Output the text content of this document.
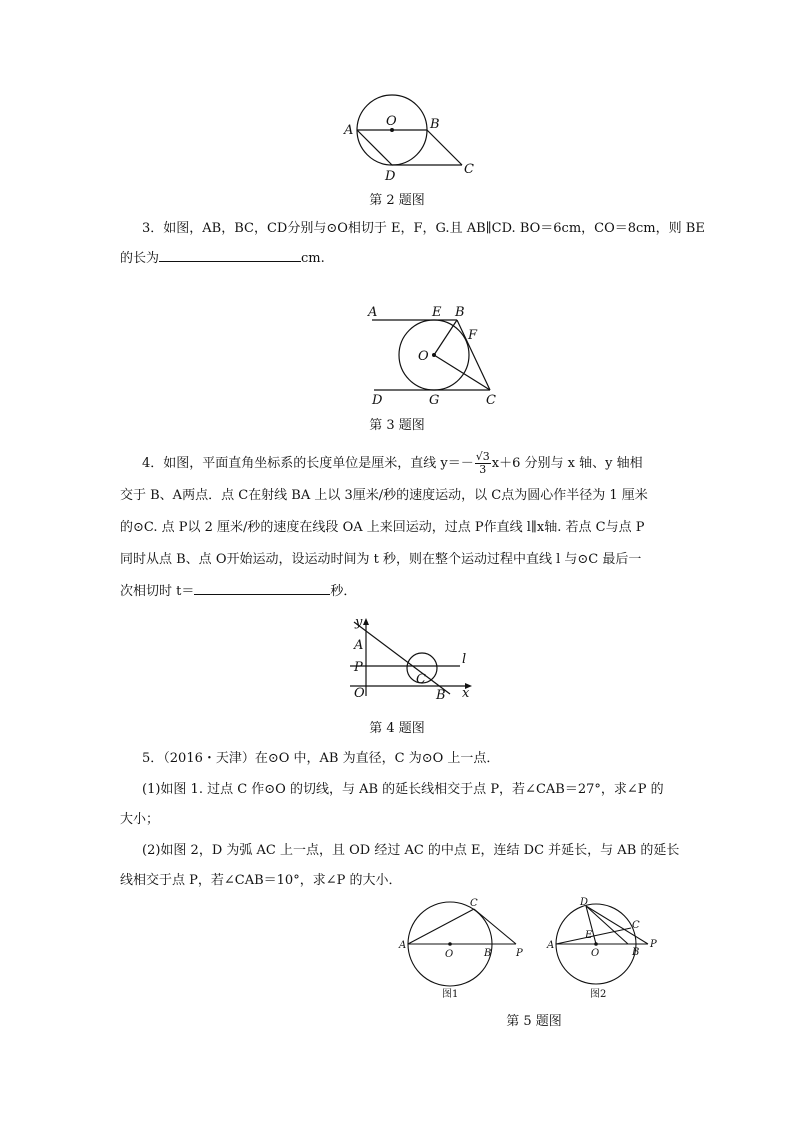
A
O	B
C
D
第 2 题图
3．如图，AB，BC，CD分别与⊙O相切于 E，F，G.且 AB∥CD. BO＝6cm，CO＝8cm，则 BE
的长为	cm.
A	E B
F
O
D	G	C
第 3 题图
4．如图，平面直角坐标系的长度单位是厘米，直线 $y=- \frac{√3}{3} x+6$ 分别与 x 轴、y 轴相
交于 B、A两点．点 C在射线 BA 上以 3厘米/秒的速度运动，以 C点为圆心作半径为 1 厘米
的⊙C. 点 P以 2 厘米/秒的速度在线段 OA 上来回运动，过点 P作直线 l∥x轴. 若点 C与点 P
同时从点 B、点 O开始运动，设运动时间为 t 秒，则在整个运动过程中直线 l 与⊙C 最后一
次相切时 t＝	秒．
y
A
P
O
C
B x
l
第 4 题图
5．（2016・天津）在⊙O 中，AB 为直径，C 为⊙O 上一点．
(1)如图 1. 过点 C 作⊙O 的切线，与 AB 的延长线相交于点 P，若∠CAB＝27°，求∠P 的
大小；
(2)如图 2，D 为弧 AC 上一点，且 OD 经过 AC 的中点 E，连结 DC 并延长，与 AB 的延长
线相交于点 P，若∠CAB＝10°，求∠P 的大小．
A
O	B
C
P
图1
D
E
C
A
O	B
P
图2
第 5 题图
